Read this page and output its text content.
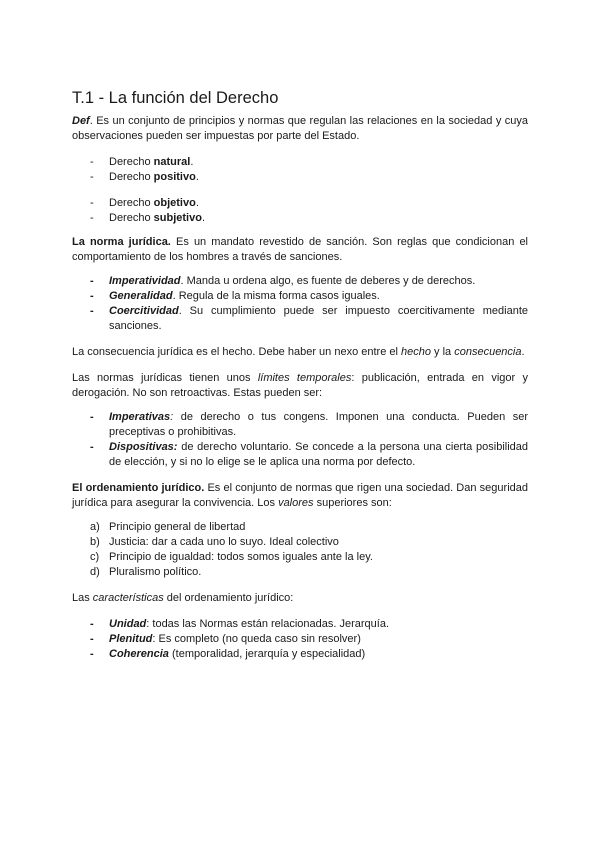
T.1 - La función del Derecho

Def. Es un conjunto de principios y normas que regulan las relaciones en la sociedad y cuya observaciones pueden ser impuestas por parte del Estado.

- Derecho natural.
- Derecho positivo.
- Derecho objetivo.
- Derecho subjetivo.

La norma jurídica. Es un mandato revestido de sanción. Son reglas que condicionan el comportamiento de los hombres a través de sanciones.

- Imperatividad. Manda u ordena algo, es fuente de deberes y de derechos.
- Generalidad. Regula de la misma forma casos iguales.
- Coercitividad. Su cumplimiento puede ser impuesto coercitivamente mediante sanciones.

La consecuencia jurídica es el hecho. Debe haber un nexo entre el hecho y la consecuencia.

Las normas jurídicas tienen unos límites temporales: publicación, entrada en vigor y derogación. No son retroactivas. Estas pueden ser:

- Imperativas: de derecho o tus congens. Imponen una conducta. Pueden ser preceptivas o prohibitivas.
- Dispositivas: de derecho voluntario. Se concede a la persona una cierta posibilidad de elección, y si no lo elige se le aplica una norma por defecto.

El ordenamiento jurídico. Es el conjunto de normas que rigen una sociedad. Dan seguridad jurídica para asegurar la convivencia. Los valores superiores son:

a) Principio general de libertad
b) Justicia: dar a cada uno lo suyo. Ideal colectivo
c) Principio de igualdad: todos somos iguales ante la ley.
d) Pluralismo político.

Las características del ordenamiento jurídico:

- Unidad: todas las Normas están relacionadas. Jerarquía.
- Plenitud: Es completo (no queda caso sin resolver)
- Coherencia (temporalidad, jerarquía y especialidad)
